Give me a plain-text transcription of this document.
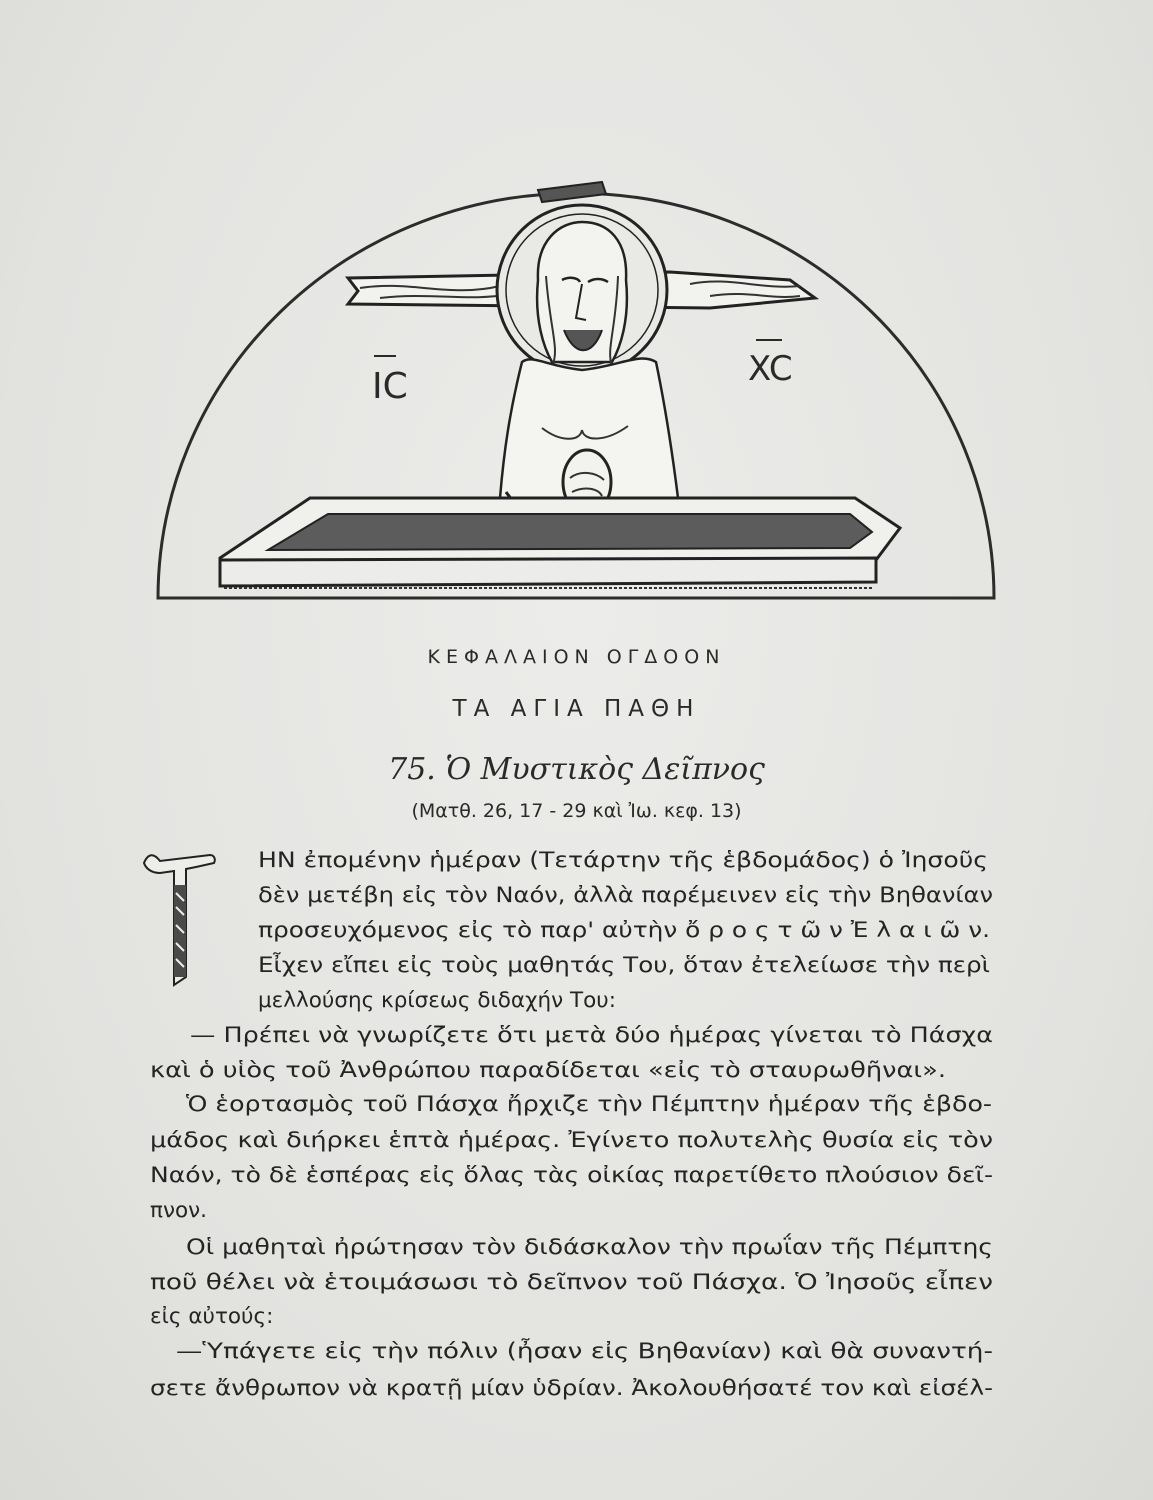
IC	XC
ΚΕΦΑΛΑΙΟΝ ΟΓΔΟΟΝ
ΤΑ ΑΓΙΑ ΠΑΘΗ
75. Ὁ Μυστικὸς Δεῖπνος
(Ματθ. 26, 17 - 29 καὶ Ἰω. κεφ. 13)
Τ
ΗΝ ἐπομένην ἡμέραν (Τετάρτην τῆς ἑβδομάδος) ὁ Ἰησοῦς
δὲν μετέβη εἰς τὸν Ναόν, ἀλλὰ παρέμεινεν εἰς τὴν Βηθανίαν
προσευχόμενος εἰς τὸ παρ' αὐτὴν ὄ ρ ο ς τ ῶ ν Ἐ λ α ι ῶ ν.
Εἶχεν εἴπει εἰς τοὺς μαθητάς Του, ὅταν ἐτελείωσε τὴν περὶ
μελλούσης κρίσεως διδαχήν Του:
— Πρέπει νὰ γνωρίζετε ὅτι μετὰ δύο ἡμέρας γίνεται τὸ Πάσχα
καὶ ὁ υἱὸς τοῦ Ἀνθρώπου παραδίδεται «εἰς τὸ σταυρωθῆναι».
Ὁ ἑορτασμὸς τοῦ Πάσχα ἤρχιζε τὴν Πέμπτην ἡμέραν τῆς ἑβδο-
μάδος καὶ διήρκει ἑπτὰ ἡμέρας. Ἐγίνετο πολυτελὴς θυσία εἰς τὸν
Ναόν, τὸ δὲ ἑσπέρας εἰς ὅλας τὰς οἰκίας παρετίθετο πλούσιον δεῖ-
πνον.
Οἱ μαθηταὶ ἠρώτησαν τὸν διδάσκαλον τὴν πρωΐαν τῆς Πέμπτης
ποῦ θέλει νὰ ἑτοιμάσωσι τὸ δεῖπνον τοῦ Πάσχα. Ὁ Ἰησοῦς εἶπεν
εἰς αὐτούς:
—Ὑπάγετε εἰς τὴν πόλιν (ἦσαν εἰς Βηθανίαν) καὶ θὰ συναντή-
σετε ἄνθρωπον νὰ κρατῇ μίαν ὑδρίαν. Ἀκολουθήσατέ τον καὶ εἰσέλ-
